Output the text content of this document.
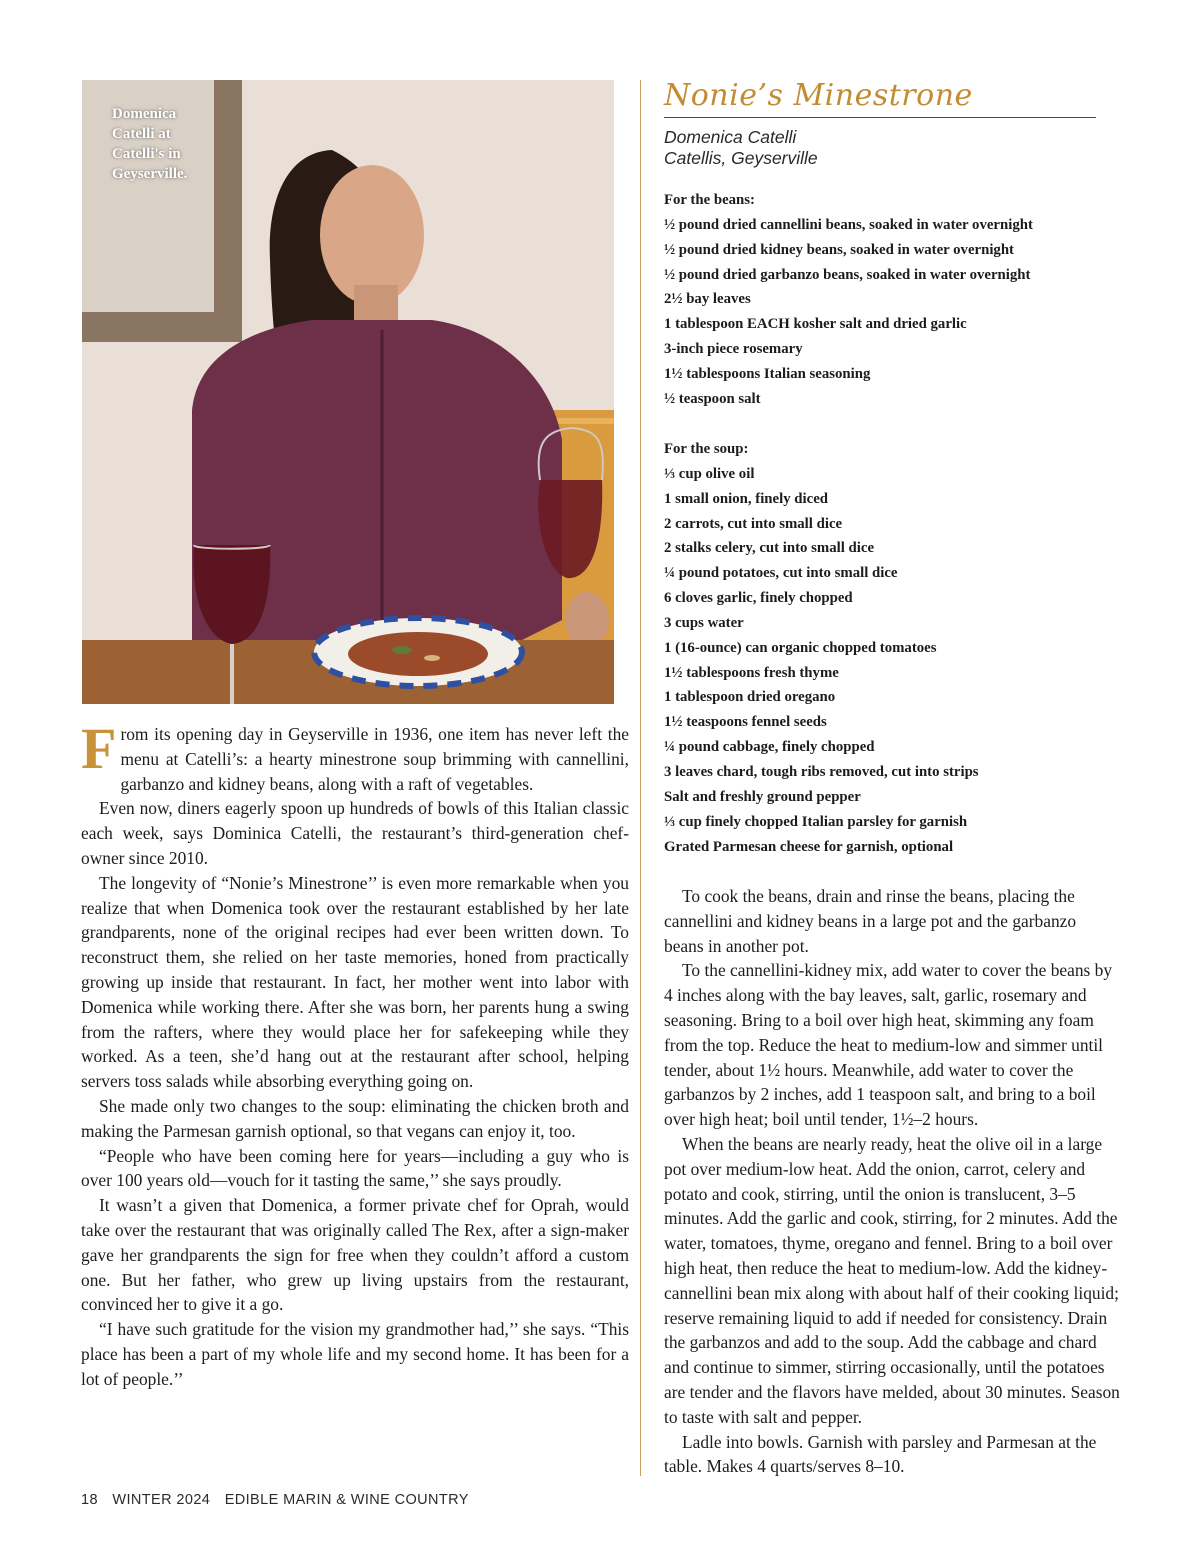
Domenica
Catelli at
Catelli's in
Geyserville.

From its opening day in Geyserville in 1936, one item has never left the menu at Catelli’s: a hearty minestrone soup brimming with cannellini, garbanzo and kidney beans, along with a raft of vegetables.

Even now, diners eagerly spoon up hundreds of bowls of this Italian classic each week, says Dominica Catelli, the restaurant’s third-generation chef-owner since 2010.

The longevity of “Nonie’s Minestrone’’ is even more remarkable when you realize that when Domenica took over the restaurant established by her late grandparents, none of the original recipes had ever been written down. To reconstruct them, she relied on her taste memories, honed from practically growing up inside that restaurant. In fact, her mother went into labor with Domenica while working there. After she was born, her parents hung a swing from the rafters, where they would place her for safekeeping while they worked. As a teen, she’d hang out at the restaurant after school, helping servers toss salads while absorbing everything going on.

She made only two changes to the soup: eliminating the chicken broth and making the Parmesan garnish optional, so that vegans can enjoy it, too.

“People who have been coming here for years—including a guy who is over 100 years old—vouch for it tasting the same,’’ she says proudly.

It wasn’t a given that Domenica, a former private chef for Oprah, would take over the restaurant that was originally called The Rex, after a sign-maker gave her grandparents the sign for free when they couldn’t afford a custom one. But her father, who grew up living upstairs from the restaurant, convinced her to give it a go.

“I have such gratitude for the vision my grandmother had,’’ she says. “This place has been a part of my whole life and my second home. It has been for a lot of people.’’

Nonie’s Minestrone
Domenica Catelli
Catellis, Geyserville
For the beans:
½ pound dried cannellini beans, soaked in water overnight
½ pound dried kidney beans, soaked in water overnight
½ pound dried garbanzo beans, soaked in water overnight
2½ bay leaves
1 tablespoon EACH kosher salt and dried garlic
3-inch piece rosemary
1½ tablespoons Italian seasoning
½ teaspoon salt
For the soup:
⅓ cup olive oil
1 small onion, finely diced
2 carrots, cut into small dice
2 stalks celery, cut into small dice
¼ pound potatoes, cut into small dice
6 cloves garlic, finely chopped
3 cups water
1 (16-ounce) can organic chopped tomatoes
1½ tablespoons fresh thyme
1 tablespoon dried oregano
1½ teaspoons fennel seeds
¼ pound cabbage, finely chopped
3 leaves chard, tough ribs removed, cut into strips
Salt and freshly ground pepper
⅓ cup finely chopped Italian parsley for garnish
Grated Parmesan cheese for garnish, optional

To cook the beans, drain and rinse the beans, placing the cannellini and kidney beans in a large pot and the garbanzo beans in another pot.

To the cannellini-kidney mix, add water to cover the beans by 4 inches along with the bay leaves, salt, garlic, rosemary and seasoning. Bring to a boil over high heat, skimming any foam from the top. Reduce the heat to medium-low and simmer until tender, about 1½ hours. Meanwhile, add water to cover the garbanzos by 2 inches, add 1 teaspoon salt, and bring to a boil over high heat; boil until tender, 1½–2 hours.

When the beans are nearly ready, heat the olive oil in a large pot over medium-low heat. Add the onion, carrot, celery and potato and cook, stirring, until the onion is translucent, 3–5 minutes. Add the garlic and cook, stirring, for 2 minutes. Add the water, tomatoes, thyme, oregano and fennel. Bring to a boil over high heat, then reduce the heat to medium-low. Add the kidney-cannellini bean mix along with about half of their cooking liquid; reserve remaining liquid to add if needed for consistency. Drain the garbanzos and add to the soup. Add the cabbage and chard and continue to simmer, stirring occasionally, until the potatoes are tender and the flavors have melded, about 30 minutes. Season to taste with salt and pepper.

Ladle into bowls. Garnish with parsley and Parmesan at the table. Makes 4 quarts/serves 8–10.

18 WINTER 2024 EDIBLE MARIN & WINE COUNTRY
